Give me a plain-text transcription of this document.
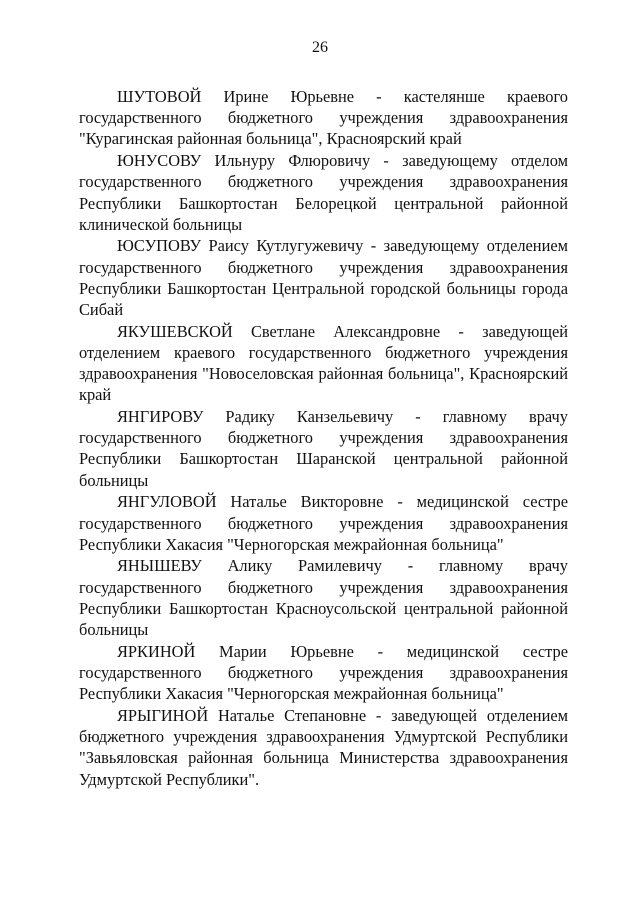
26

ШУТОВОЙ Ирине Юрьевне - кастелянше краевого государственного бюджетного учреждения здравоохранения "Курагинская районная больница", Красноярский край

ЮНУСОВУ Ильнуру Флюровичу - заведующему отделом государственного бюджетного учреждения здравоохранения Республики Башкортостан Белорецкой центральной районной клинической больницы

ЮСУПОВУ Раису Кутлугужевичу - заведующему отделением государственного бюджетного учреждения здравоохранения Республики Башкортостан Центральной городской больницы города Сибай

ЯКУШЕВСКОЙ Светлане Александровне - заведующей отделением краевого государственного бюджетного учреждения здравоохранения "Новоселовская районная больница", Красноярский край

ЯНГИРОВУ Радику Канзельевичу - главному врачу государственного бюджетного учреждения здравоохранения Республики Башкортостан Шаранской центральной районной больницы

ЯНГУЛОВОЙ Наталье Викторовне - медицинской сестре государственного бюджетного учреждения здравоохранения Республики Хакасия "Черногорская межрайонная больница"

ЯНЫШЕВУ Алику Рамилевичу - главному врачу государственного бюджетного учреждения здравоохранения Республики Башкортостан Красноусольской центральной районной больницы

ЯРКИНОЙ Марии Юрьевне - медицинской сестре государственного бюджетного учреждения здравоохранения Республики Хакасия "Черногорская межрайонная больница"

ЯРЫГИНОЙ Наталье Степановне - заведующей отделением бюджетного учреждения здравоохранения Удмуртской Республики "Завьяловская районная больница Министерства здравоохранения Удмуртской Республики".
